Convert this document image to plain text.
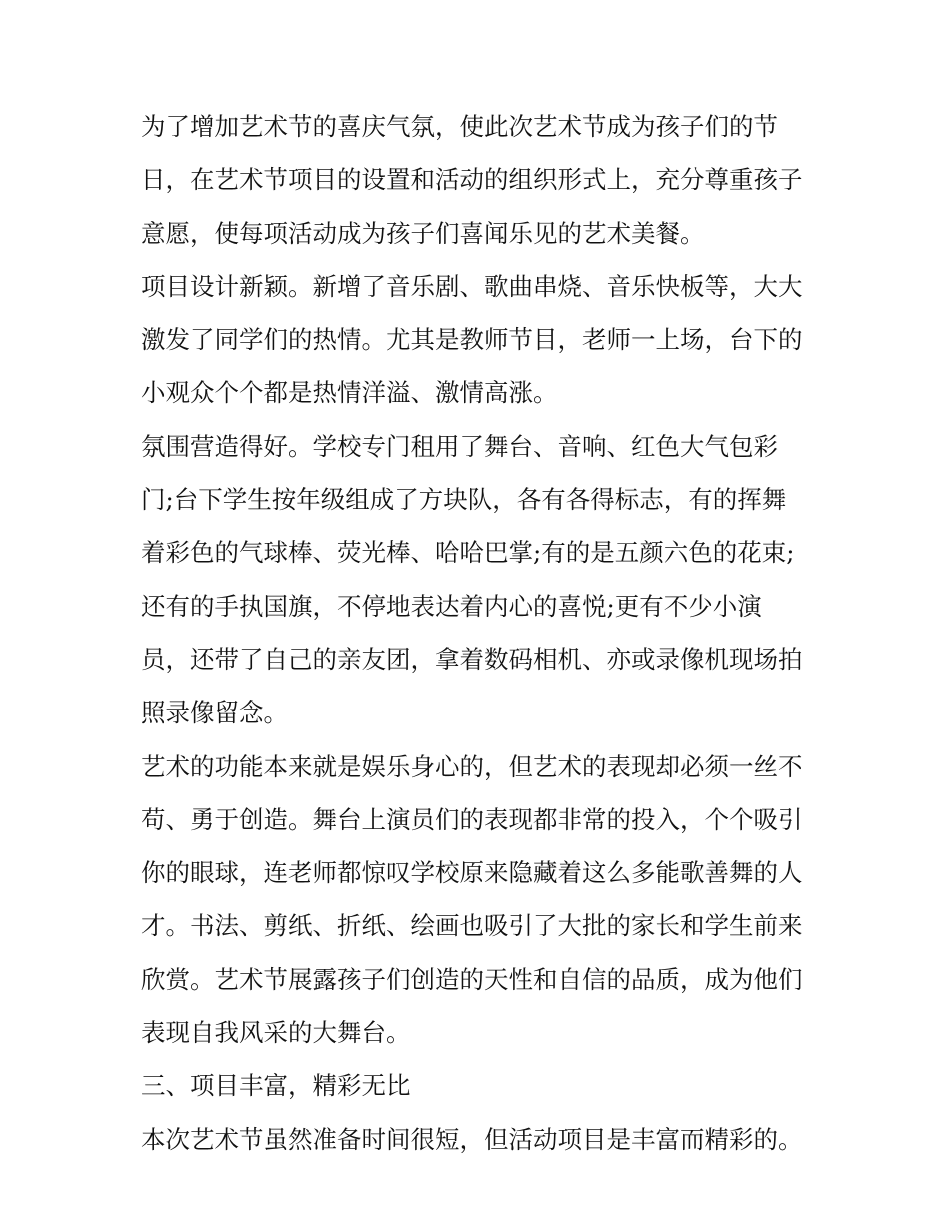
为了增加艺术节的喜庆气氛，使此次艺术节成为孩子们的节
日，在艺术节项目的设置和活动的组织形式上，充分尊重孩子
意愿，使每项活动成为孩子们喜闻乐见的艺术美餐。
项目设计新颖。新增了音乐剧、歌曲串烧、音乐快板等，大大
激发了同学们的热情。尤其是教师节目，老师一上场，台下的
小观众个个都是热情洋溢、激情高涨。
氛围营造得好。学校专门租用了舞台、音响、红色大气包彩
门;台下学生按年级组成了方块队，各有各得标志，有的挥舞
着彩色的气球棒、荧光棒、哈哈巴掌;有的是五颜六色的花束;
还有的手执国旗，不停地表达着内心的喜悦;更有不少小演
员，还带了自己的亲友团，拿着数码相机、亦或录像机现场拍
照录像留念。
艺术的功能本来就是娱乐身心的，但艺术的表现却必须一丝不
苟、勇于创造。舞台上演员们的表现都非常的投入，个个吸引
你的眼球，连老师都惊叹学校原来隐藏着这么多能歌善舞的人
才。书法、剪纸、折纸、绘画也吸引了大批的家长和学生前来
欣赏。艺术节展露孩子们创造的天性和自信的品质，成为他们
表现自我风采的大舞台。
三、项目丰富，精彩无比
本次艺术节虽然准备时间很短，但活动项目是丰富而精彩的。
